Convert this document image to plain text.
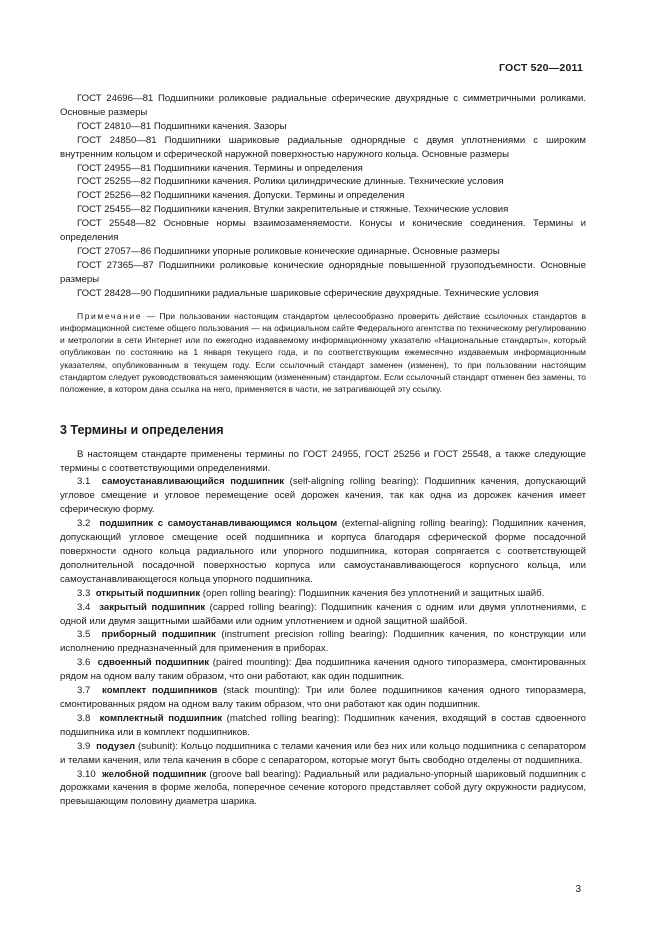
ГОСТ 520—2011

ГОСТ 24696—81 Подшипники роликовые радиальные сферические двухрядные с симметричными роликами. Основные размеры

ГОСТ 24810—81 Подшипники качения. Зазоры

ГОСТ 24850—81 Подшипники шариковые радиальные однорядные с двумя уплотнениями с широким внутренним кольцом и сферической наружной поверхностью наружного кольца. Основные размеры

ГОСТ 24955—81 Подшипники качения. Термины и определения

ГОСТ 25255—82 Подшипники качения. Ролики цилиндрические длинные. Технические условия

ГОСТ 25256—82 Подшипники качения. Допуски. Термины и определения

ГОСТ 25455—82 Подшипники качения. Втулки закрепительные и стяжные. Технические условия

ГОСТ 25548—82 Основные нормы взаимозаменяемости. Конусы и конические соединения. Термины и определения

ГОСТ 27057—86 Подшипники упорные роликовые конические одинарные. Основные размеры

ГОСТ 27365—87 Подшипники роликовые конические однорядные повышенной грузоподъемности. Основные размеры

ГОСТ 28428—90 Подшипники радиальные шариковые сферические двухрядные. Технические условия

Примечание — При пользовании настоящим стандартом целесообразно проверить действие ссылочных стандартов в информационной системе общего пользования — на официальном сайте Федерального агентства по техническому регулированию и метрологии в сети Интернет или по ежегодно издаваемому информационному указателю «Национальные стандарты», который опубликован по состоянию на 1 января текущего года, и по соответствующим ежемесячно издаваемым информационным указателям, опубликованным в текущем году. Если ссылочный стандарт заменен (изменен), то при пользовании настоящим стандартом следует руководствоваться заменяющим (измененным) стандартом. Если ссылочный стандарт отменен без замены, то положение, в котором дана ссылка на него, применяется в части, не затрагивающей эту ссылку.

3 Термины и определения

В настоящем стандарте применены термины по ГОСТ 24955, ГОСТ 25256 и ГОСТ 25548, а также следующие термины с соответствующими определениями.

3.1 самоустанавливающийся подшипник (self-aligning rolling bearing): Подшипник качения, допускающий угловое смещение и угловое перемещение осей дорожек качения, так как одна из дорожек качения имеет сферическую форму.

3.2 подшипник с самоустанавливающимся кольцом (external-aligning rolling bearing): Подшипник качения, допускающий угловое смещение осей подшипника и корпуса благодаря сферической форме посадочной поверхности одного кольца радиального или упорного подшипника, которая сопрягается с соответствующей дополнительной посадочной поверхностью корпуса или самоустанавливающегося корпусного кольца, или самоустанавливающегося кольца упорного подшипника.

3.3 открытый подшипник (open rolling bearing): Подшипник качения без уплотнений и защитных шайб.

3.4 закрытый подшипник (capped rolling bearing): Подшипник качения с одним или двумя уплотнениями, с одной или двумя защитными шайбами или одним уплотнением и одной защитной шайбой.

3.5 приборный подшипник (instrument precision rolling bearing): Подшипник качения, по конструкции или исполнению предназначенный для применения в приборах.

3.6 сдвоенный подшипник (paired mounting): Два подшипника качения одного типоразмера, смонтированных рядом на одном валу таким образом, что они работают, как один подшипник.

3.7 комплект подшипников (stack mounting): Три или более подшипников качения одного типоразмера, смонтированных рядом на одном валу таким образом, что они работают как один подшипник.

3.8 комплектный подшипник (matched rolling bearing): Подшипник качения, входящий в состав сдвоенного подшипника или в комплект подшипников.

3.9 подузел (subunit): Кольцо подшипника с телами качения или без них или кольцо подшипника с сепаратором и телами качения, или тела качения в сборе с сепаратором, которые могут быть свободно отделены от подшипника.

3.10 желобной подшипник (groove ball bearing): Радиальный или радиально-упорный шариковый подшипник с дорожками качения в форме желоба, поперечное сечение которого представляет собой дугу окружности радиусом, превышающим половину диаметра шарика.

3
